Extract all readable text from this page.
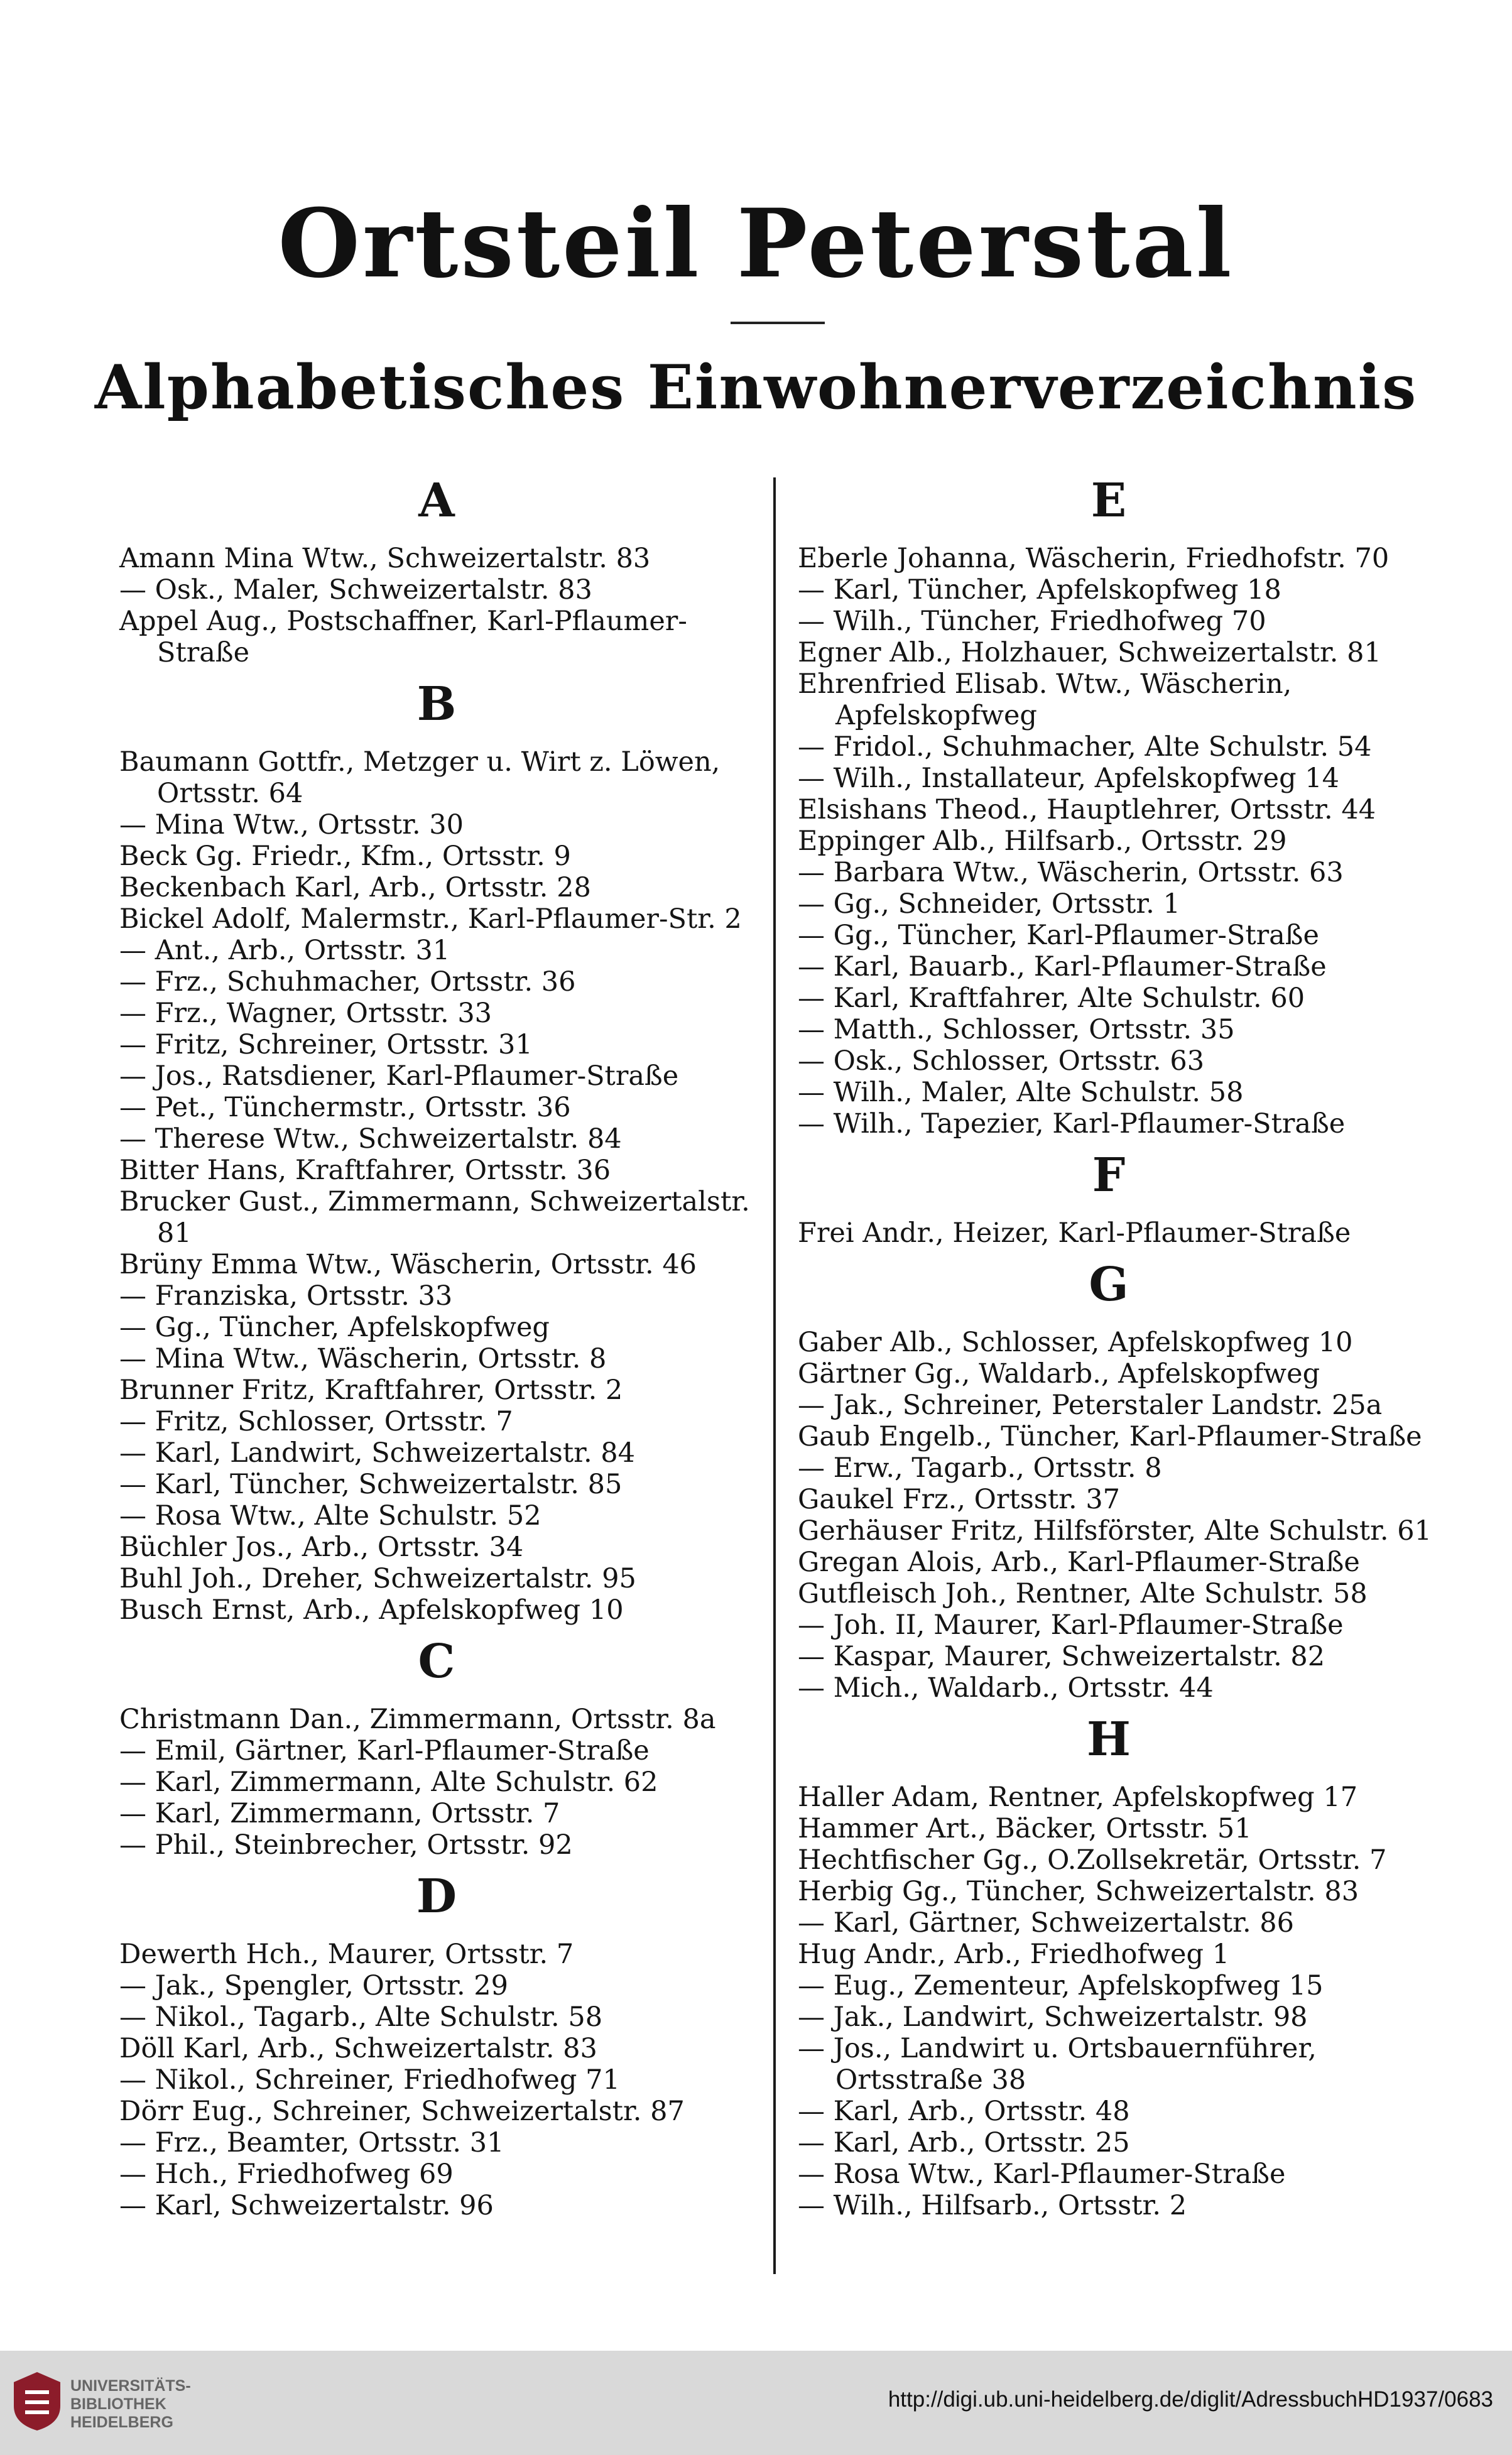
Ortsteil Peterstal
Alphabetisches Einwohnerverzeichnis
A
Amann Mina Wtw., Schweizertalstr. 83
— Osk., Maler, Schweizertalstr. 83
Appel Aug., Postschaffner, Karl-Pflaumer-Straße
B
Baumann Gottfr., Metzger u. Wirt z. Löwen, Ortsstr. 64
— Mina Wtw., Ortsstr. 30
Beck Gg. Friedr., Kfm., Ortsstr. 9
Beckenbach Karl, Arb., Ortsstr. 28
Bickel Adolf, Malermstr., Karl-Pflaumer-Str. 2
— Ant., Arb., Ortsstr. 31
— Frz., Schuhmacher, Ortsstr. 36
— Frz., Wagner, Ortsstr. 33
— Fritz, Schreiner, Ortsstr. 31
— Jos., Ratsdiener, Karl-Pflaumer-Straße
— Pet., Tünchermstr., Ortsstr. 36
— Therese Wtw., Schweizertalstr. 84
Bitter Hans, Kraftfahrer, Ortsstr. 36
Brucker Gust., Zimmermann, Schweizertalstr. 81
Brüny Emma Wtw., Wäscherin, Ortsstr. 46
— Franziska, Ortsstr. 33
— Gg., Tüncher, Apfelskopfweg
— Mina Wtw., Wäscherin, Ortsstr. 8
Brunner Fritz, Kraftfahrer, Ortsstr. 2
— Fritz, Schlosser, Ortsstr. 7
— Karl, Landwirt, Schweizertalstr. 84
— Karl, Tüncher, Schweizertalstr. 85
— Rosa Wtw., Alte Schulstr. 52
Büchler Jos., Arb., Ortsstr. 34
Buhl Joh., Dreher, Schweizertalstr. 95
Busch Ernst, Arb., Apfelskopfweg 10
C
Christmann Dan., Zimmermann, Ortsstr. 8a
— Emil, Gärtner, Karl-Pflaumer-Straße
— Karl, Zimmermann, Alte Schulstr. 62
— Karl, Zimmermann, Ortsstr. 7
— Phil., Steinbrecher, Ortsstr. 92
D
Dewerth Hch., Maurer, Ortsstr. 7
— Jak., Spengler, Ortsstr. 29
— Nikol., Tagarb., Alte Schulstr. 58
Döll Karl, Arb., Schweizertalstr. 83
— Nikol., Schreiner, Friedhofweg 71
Dörr Eug., Schreiner, Schweizertalstr. 87
— Frz., Beamter, Ortsstr. 31
— Hch., Friedhofweg 69
— Karl, Schweizertalstr. 96
E
Eberle Johanna, Wäscherin, Friedhofstr. 70
— Karl, Tüncher, Apfelskopfweg 18
— Wilh., Tüncher, Friedhofweg 70
Egner Alb., Holzhauer, Schweizertalstr. 81
Ehrenfried Elisab. Wtw., Wäscherin, Apfelskopfweg
— Fridol., Schuhmacher, Alte Schulstr. 54
— Wilh., Installateur, Apfelskopfweg 14
Elsishans Theod., Hauptlehrer, Ortsstr. 44
Eppinger Alb., Hilfsarb., Ortsstr. 29
— Barbara Wtw., Wäscherin, Ortsstr. 63
— Gg., Schneider, Ortsstr. 1
— Gg., Tüncher, Karl-Pflaumer-Straße
— Karl, Bauarb., Karl-Pflaumer-Straße
— Karl, Kraftfahrer, Alte Schulstr. 60
— Matth., Schlosser, Ortsstr. 35
— Osk., Schlosser, Ortsstr. 63
— Wilh., Maler, Alte Schulstr. 58
— Wilh., Tapezier, Karl-Pflaumer-Straße
F
Frei Andr., Heizer, Karl-Pflaumer-Straße
G
Gaber Alb., Schlosser, Apfelskopfweg 10
Gärtner Gg., Waldarb., Apfelskopfweg
— Jak., Schreiner, Peterstaler Landstr. 25a
Gaub Engelb., Tüncher, Karl-Pflaumer-Straße
— Erw., Tagarb., Ortsstr. 8
Gaukel Frz., Ortsstr. 37
Gerhäuser Fritz, Hilfsförster, Alte Schulstr. 61
Gregan Alois, Arb., Karl-Pflaumer-Straße
Gutfleisch Joh., Rentner, Alte Schulstr. 58
— Joh. II, Maurer, Karl-Pflaumer-Straße
— Kaspar, Maurer, Schweizertalstr. 82
— Mich., Waldarb., Ortsstr. 44
H
Haller Adam, Rentner, Apfelskopfweg 17
Hammer Art., Bäcker, Ortsstr. 51
Hechtfischer Gg., O.Zollsekretär, Ortsstr. 7
Herbig Gg., Tüncher, Schweizertalstr. 83
— Karl, Gärtner, Schweizertalstr. 86
Hug Andr., Arb., Friedhofweg 1
— Eug., Zementeur, Apfelskopfweg 15
— Jak., Landwirt, Schweizertalstr. 98
— Jos., Landwirt u. Ortsbauernführer, Ortsstraße 38
— Karl, Arb., Ortsstr. 48
— Karl, Arb., Ortsstr. 25
— Rosa Wtw., Karl-Pflaumer-Straße
— Wilh., Hilfsarb., Ortsstr. 2
UNIVERSITÄTS-
BIBLIOTHEK
HEIDELBERG
http://digi.ub.uni-heidelberg.de/diglit/AdressbuchHD1937/0683
